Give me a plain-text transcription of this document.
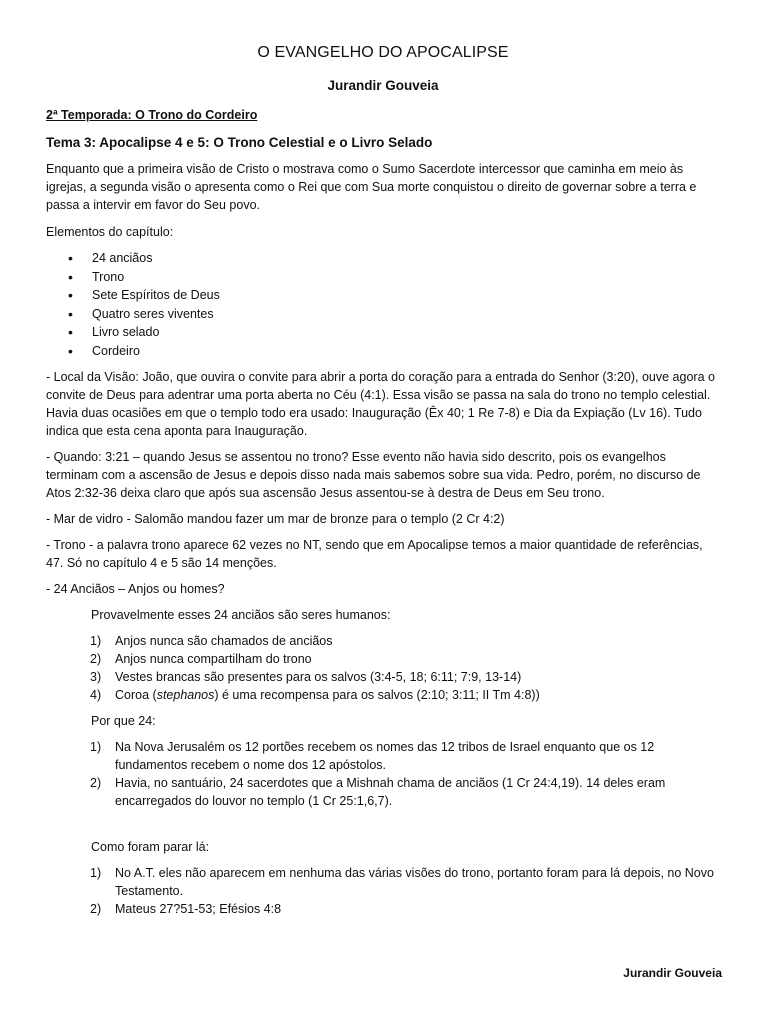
O EVANGELHO DO APOCALIPSE
Jurandir Gouveia
2ª Temporada: O Trono do Cordeiro
Tema 3: Apocalipse 4 e 5: O Trono Celestial e o Livro Selado

Enquanto que a primeira visão de Cristo o mostrava como o Sumo Sacerdote intercessor que caminha em meio às igrejas, a segunda visão o apresenta como o Rei que com Sua morte conquistou o direito de governar sobre a terra e passa a intervir em favor do Seu povo.

Elementos do capítulo:

• 24 anciãos
• Trono
• Sete Espíritos de Deus
• Quatro seres viventes
• Livro selado
• Cordeiro

- Local da Visão: João, que ouvira o convite para abrir a porta do coração para a entrada do Senhor (3:20), ouve agora o convite de Deus para adentrar uma porta aberta no Céu (4:1). Essa visão se passa na sala do trono no templo celestial. Havia duas ocasiões em que o templo todo era usado: Inauguração (Êx 40; 1 Re 7-8) e Dia da Expiação (Lv 16). Tudo indica que esta cena aponta para Inauguração.

- Quando: 3:21 – quando Jesus se assentou no trono? Esse evento não havia sido descrito, pois os evangelhos terminam com a ascensão de Jesus e depois disso nada mais sabemos sobre sua vida. Pedro, porém, no discurso de Atos 2:32-36 deixa claro que após sua ascensão Jesus assentou-se à destra de Deus em Seu trono.

- Mar de vidro - Salomão mandou fazer um mar de bronze para o templo (2 Cr 4:2)

- Trono - a palavra trono aparece 62 vezes no NT, sendo que em Apocalipse temos a maior quantidade de referências, 47. Só no capítulo 4 e 5 são 14 menções.

- 24 Anciãos – Anjos ou homes?

Provavelmente esses 24 anciãos são seres humanos:

1) Anjos nunca são chamados de anciãos
2) Anjos nunca compartilham do trono
3) Vestes brancas são presentes para os salvos (3:4-5, 18; 6:11; 7:9, 13-14)
4) Coroa (stephanos) é uma recompensa para os salvos (2:10; 3:11; II Tm 4:8))

Por que 24:

1) Na Nova Jerusalém os 12 portões recebem os nomes das 12 tribos de Israel enquanto que os 12 fundamentos recebem o nome dos 12 apóstolos.
2) Havia, no santuário, 24 sacerdotes que a Mishnah chama de anciãos (1 Cr 24:4,19). 14 deles eram encarregados do louvor no templo (1 Cr 25:1,6,7).

Como foram parar lá:

1) No A.T. eles não aparecem em nenhuma das várias visões do trono, portanto foram para lá depois, no Novo Testamento.
2) Mateus 27?51-53; Efésios 4:8
Jurandir Gouveia
